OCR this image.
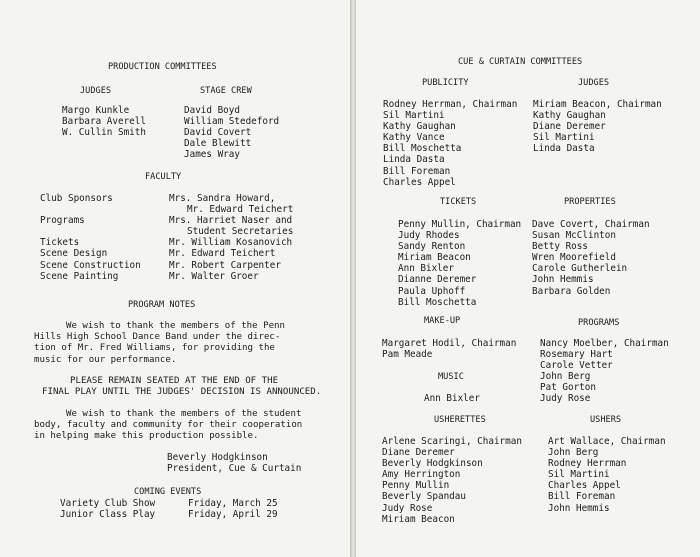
PRODUCTION COMMITTEES
JUDGES
Margo Kunkle
Barbara Averell
W. Cullin Smith
STAGE CREW
David Boyd
William Stedeford
David Covert
Dale Blewitt
James Wray
FACULTY
Club Sponsors

Programs

Tickets
Scene Design
Scene Construction
Scene Painting
Mrs. Sandra Howard,
Mr. Edward Teichert
Mrs. Harriet Naser and
Student Secretaries
Mr. William Kosanovich
Mr. Edward Teichert
Mr. Robert Carpenter
Mr. Walter Groer
PROGRAM NOTES
We wish to thank the members of the Penn
Hills High School Dance Band under the direc-
tion of Mr. Fred Williams, for providing the
music for our performance.
PLEASE REMAIN SEATED AT THE END OF THE
FINAL PLAY UNTIL THE JUDGES' DECISION IS ANNOUNCED.
We wish to thank the members of the student
body, faculty and community for their cooperation
in helping make this production possible.
Beverly Hodgkinson
President, Cue & Curtain
COMING EVENTS
Variety Club Show
Junior Class Play
Friday, March 25
Friday, April 29
CUE & CURTAIN COMMITTEES
PUBLICITY
Rodney Herrman, Chairman
Sil Martini
Kathy Gaughan
Kathy Vance
Bill Moschetta
Linda Dasta
Bill Foreman
Charles Appel
JUDGES
Miriam Beacon, Chairman
Kathy Gaughan
Diane Deremer
Sil Martini
Linda Dasta
TICKETS
Penny Mullin, Chairman
Judy Rhodes
Sandy Renton
Miriam Beacon
Ann Bixler
Dianne Deremer
Paula Uphoff
Bill Moschetta
PROPERTIES
Dave Covert, Chairman
Susan McClinton
Betty Ross
Wren Moorefield
Carole Gutherlein
John Hemmis
Barbara Golden
MAKE-UP
Margaret Hodil, Chairman
Pam Meade
MUSIC
Ann Bixler
PROGRAMS
Nancy Moelber, Chairman
Rosemary Hart
Carole Vetter
John Berg
Pat Gorton
Judy Rose
USHERETTES
Arlene Scaringi, Chairman
Diane Deremer
Beverly Hodgkinson
Amy Herrington
Penny Mullin
Beverly Spandau
Judy Rose
Miriam Beacon
USHERS
Art Wallace, Chairman
John Berg
Rodney Herrman
Sil Martini
Charles Appel
Bill Foreman
John Hemmis
